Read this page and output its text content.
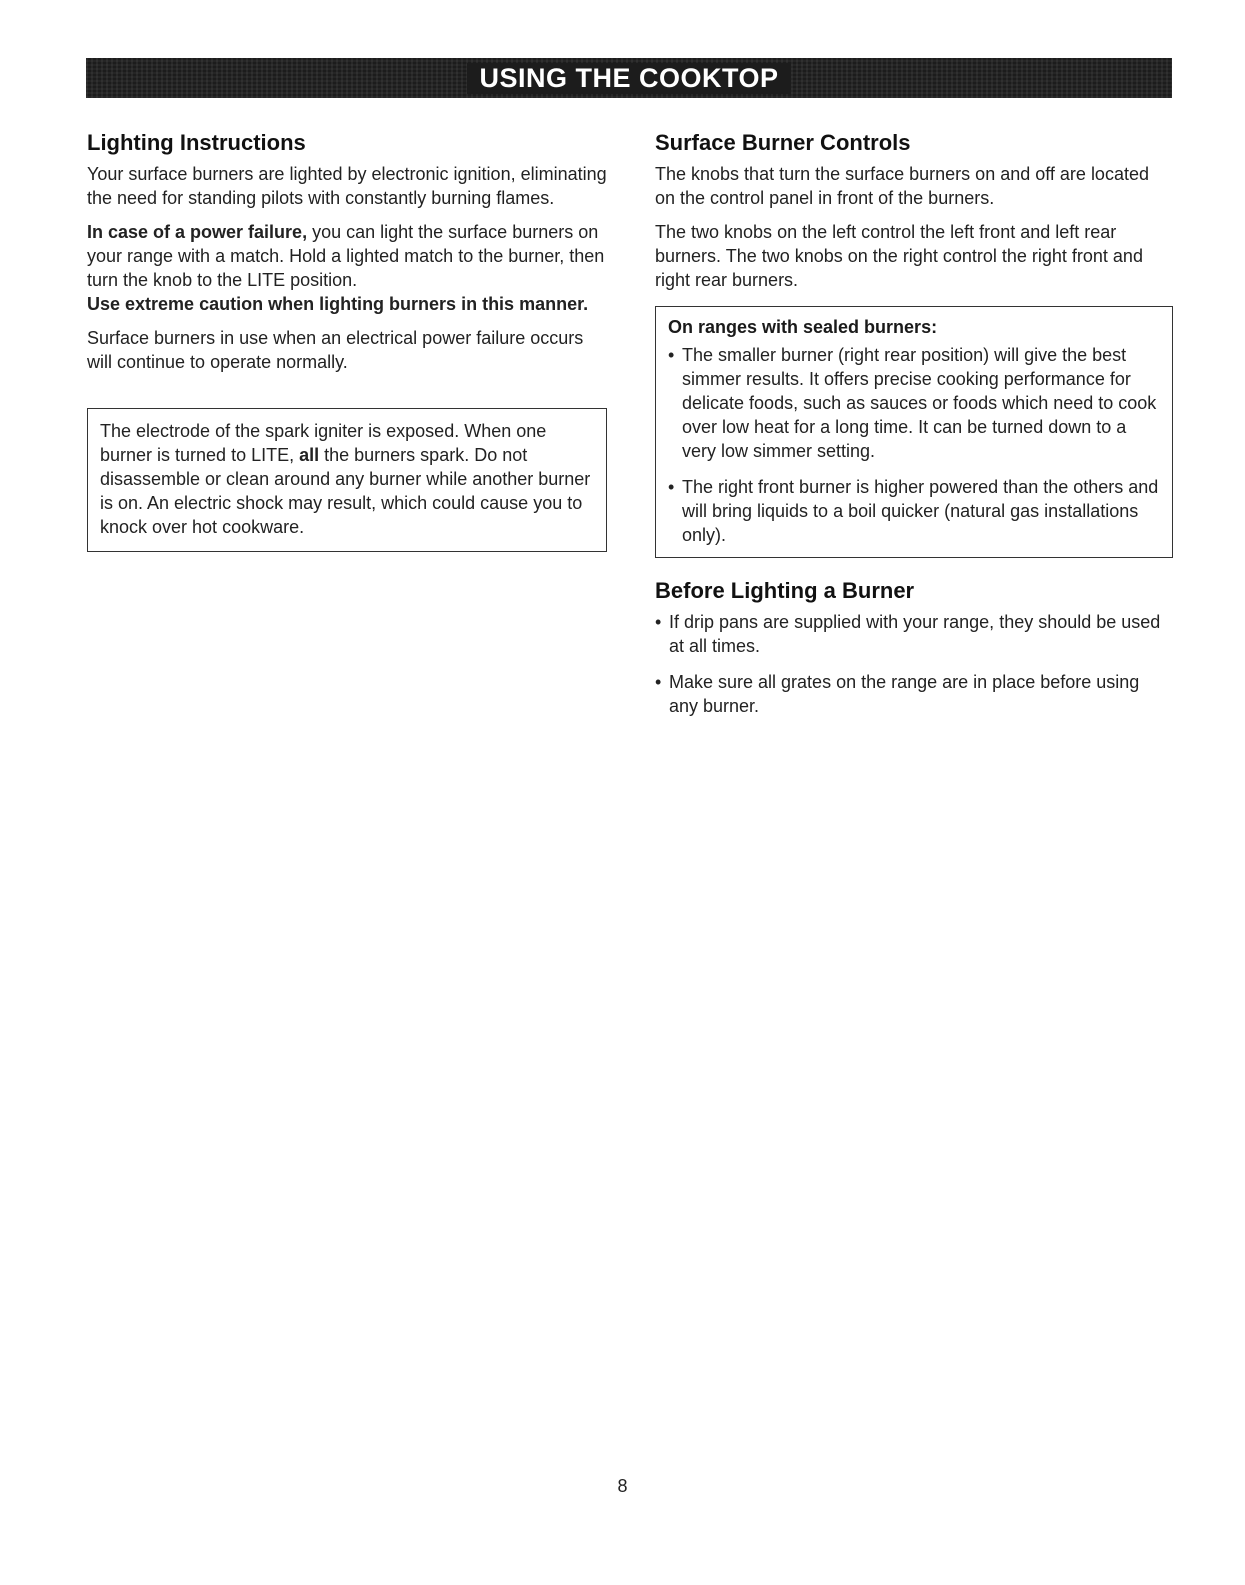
USING THE COOKTOP
Lighting Instructions

Your surface burners are lighted by electronic ignition, eliminating the need for standing pilots with constantly burning flames.

In case of a power failure, you can light the surface burners on your range with a match. Hold a lighted match to the burner, then turn the knob to the LITE position.
Use extreme caution when lighting burners in this manner.

Surface burners in use when an electrical power failure occurs will continue to operate normally.

The electrode of the spark igniter is exposed. When one burner is turned to LITE, all the burners spark. Do not disassemble or clean around any burner while another burner is on. An electric shock may result, which could cause you to knock over hot cookware.

Surface Burner Controls

The knobs that turn the surface burners on and off are located on the control panel in front of the burners.

The two knobs on the left control the left front and left rear burners. The two knobs on the right control the right front and right rear burners.

On ranges with sealed burners:
• The smaller burner (right rear position) will give the best simmer results. It offers precise cooking performance for delicate foods, such as sauces or foods which need to cook over low heat for a long time. It can be turned down to a very low simmer setting.
• The right front burner is higher powered than the others and will bring liquids to a boil quicker (natural gas installations only).
Before Lighting a Burner
• If drip pans are supplied with your range, they should be used at all times.
• Make sure all grates on the range are in place before using any burner.
8
